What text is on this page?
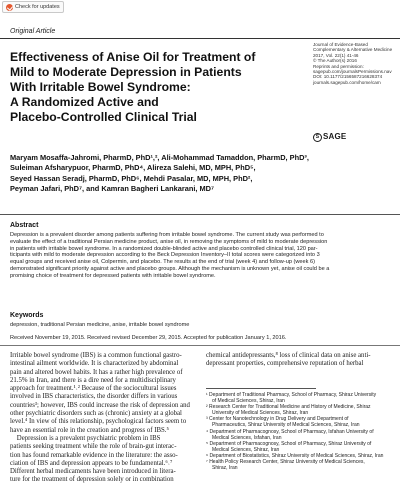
Check for updates
Original Article
Effectiveness of Anise Oil for Treatment of
Mild to Moderate Depression in Patients
With Irritable Bowel Syndrome:
A Randomized Active and
Placebo-Controlled Clinical Trial
Journal of Evidence-Based
Complementary & Alternative Medicine
2017, Vol. 22(1) 41-46
© The Author(s) 2016
Reprints and permission:
sagepub.com/journalsPermissions.nav
DOI: 10.1177/2156587216628374
journals.sagepub.com/home/cam
S SAGE
Maryam Mosaffa-Jahromi, PharmD, PhD¹,², Ali-Mohammad Tamaddon, PharmD, PhD³,
Suleiman Afsharypuor, PharmD, PhD⁴, Alireza Salehi, MD, MPH, PhD⁵,
Seyed Hassan Seradj, PharmD, PhD⁶, Mehdi Pasalar, MD, MPH, PhD²,
Peyman Jafari, PhD⁷, and Kamran Bagheri Lankarani, MD⁷
Abstract
Depression is a prevalent disorder among patients suffering from irritable bowel syndrome. The current study was performed to
evaluate the effect of a traditional Persian medicine product, anise oil, in removing the symptoms of mild to moderate depression
in patients with irritable bowel syndrome. In a randomized double-blinded active and placebo controlled clinical trial, 120 par-
ticipants with mild to moderate depression according to the Beck Depression Inventory–II total scores were categorized into 3
equal groups and received anise oil, Colpermin, and placebo. The results at the end of trial (week 4) and follow-up (week 6)
demonstrated significant priority against active and placebo groups. Although the mechanism is unknown yet, anise oil could be a
promising choice of treatment for depressed patients with irritable bowel syndrome.
Keywords
depression, traditional Persian medicine, anise, irritable bowel syndrome
Received November 19, 2015. Received revised December 29, 2015. Accepted for publication January 1, 2016.
Irritable bowel syndrome (IBS) is a common functional gastro-
intestinal ailment worldwide. It is characterized by abdominal
pain and altered bowel habits. It has a rather high prevalence of
21.5% in Iran, and there is a dire need for a multidisciplinary
approach for treatment.¹˒² Because of the sociocultural issues
involved in IBS characteristics, the disorder differs in various
countries³; however, IBS could increase the risk of depression and
other psychiatric disorders such as (chronic) anxiety at a global
level.⁴ In view of this relationship, psychological factors seem to
have an essential role in the creation and progress of IBS.⁵
Depression is a prevalent psychiatric problem in IBS
patients seeking treatment while the role of brain-gut interac-
tion has found remarkable evidence in the literature: the asso-
ciation of IBS and depression appears to be fundamental.⁶˒⁷
Different herbal medicaments have been introduced in litera-
ture for the treatment of depression solely or in combination
chemical antidepressants,⁸ loss of clinical data on anise anti-
depressant properties, comprehensive reputation of herbal
¹ Department of Traditional Pharmacy, School of Pharmacy, Shiraz University
of Medical Sciences, Shiraz, Iran
² Research Center for Traditional Medicine and History of Medicine, Shiraz
University of Medical Sciences, Shiraz, Iran
³ Center for Nanotechnology in Drug Delivery and Department of
Pharmaceutics, Shiraz University of Medical Sciences, Shiraz, Iran
⁴ Department of Pharmacognosy, School of Pharmacy, Isfahan University of
Medical Sciences, Isfahan, Iran
⁵ Department of Pharmacognosy, School of Pharmacy, Shiraz University of
Medical Sciences, Shiraz, Iran
⁶ Department of Biostatistics, Shiraz University of Medical Sciences, Shiraz, Iran
⁷ Health Policy Research Center, Shiraz University of Medical Sciences,
Shiraz, Iran
